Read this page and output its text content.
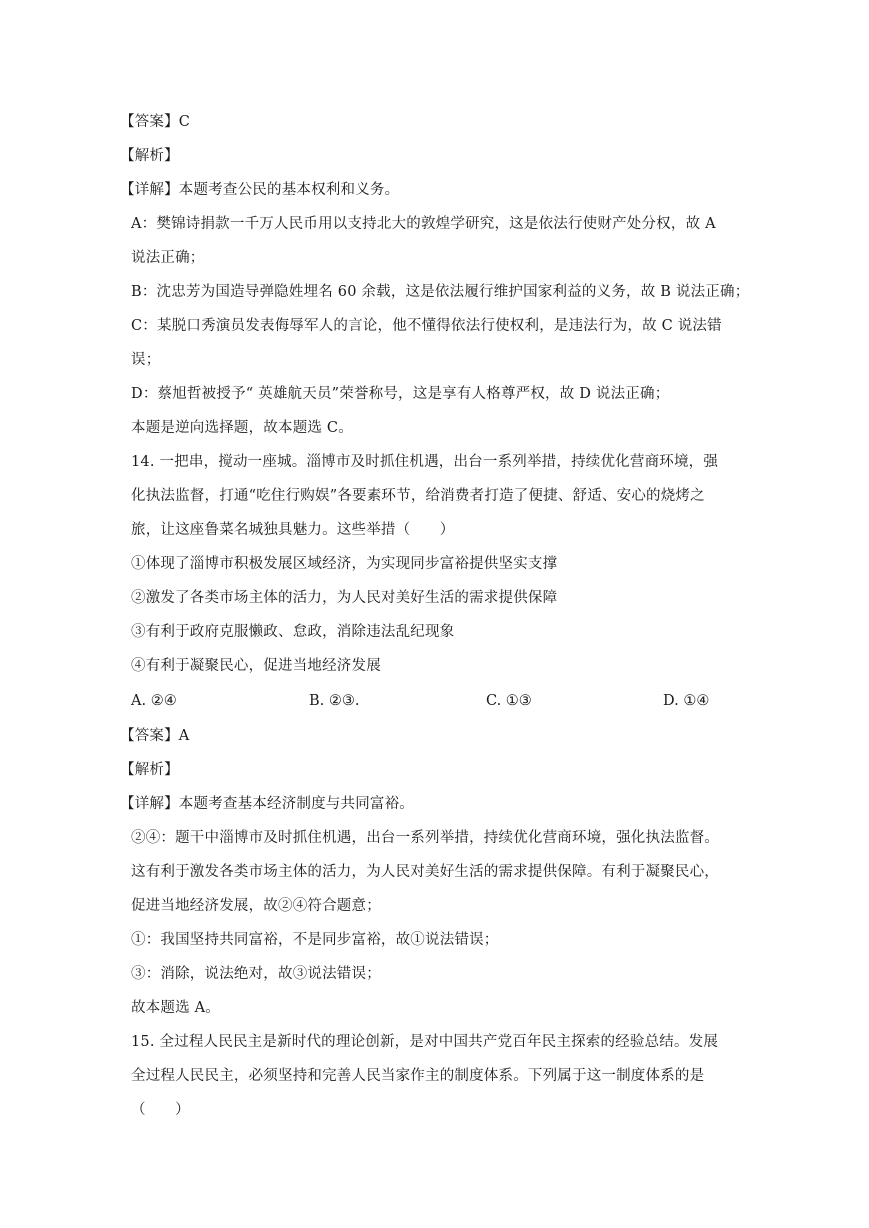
【答案】C
【解析】
【详解】本题考查公民的基本权利和义务。
A：樊锦诗捐款一千万人民币用以支持北大的敦煌学研究，这是依法行使财产处分权，故 A
说法正确；
B：沈忠芳为国造导弹隐姓埋名 60 余载，这是依法履行维护国家利益的义务，故 B 说法正确；
C：某脱口秀演员发表侮辱军人的言论，他不懂得依法行使权利，是违法行为，故 C 说法错
误；
D：蔡旭哲被授予“ 英雄航天员”荣誉称号，这是享有人格尊严权，故 D 说法正确；
本题是逆向选择题，故本题选 C。
14. 一把串，搅动一座城。淄博市及时抓住机遇，出台一系列举措，持续优化营商环境，强
化执法监督，打通“吃住行购娱”各要素环节，给消费者打造了便捷、舒适、安心的烧烤之
旅，让这座鲁菜名城独具魅力。这些举措（　　）
①体现了淄博市积极发展区域经济，为实现同步富裕提供坚实支撑
②激发了各类市场主体的活力，为人民对美好生活的需求提供保障
③有利于政府克服懒政、怠政，消除违法乱纪现象
④有利于凝聚民心，促进当地经济发展
A. ②④	B. ②③.	C. ①③	D. ①④
【答案】A
【解析】
【详解】本题考查基本经济制度与共同富裕。
②④：题干中淄博市及时抓住机遇，出台一系列举措，持续优化营商环境，强化执法监督。
这有利于激发各类市场主体的活力，为人民对美好生活的需求提供保障。有利于凝聚民心，
促进当地经济发展，故②④符合题意；
①：我国坚持共同富裕，不是同步富裕，故①说法错误；
③：消除，说法绝对，故③说法错误；
故本题选 A。
15. 全过程人民民主是新时代的理论创新，是对中国共产党百年民主探索的经验总结。发展
全过程人民民主，必须坚持和完善人民当家作主的制度体系。下列属于这一制度体系的是
（　　）
